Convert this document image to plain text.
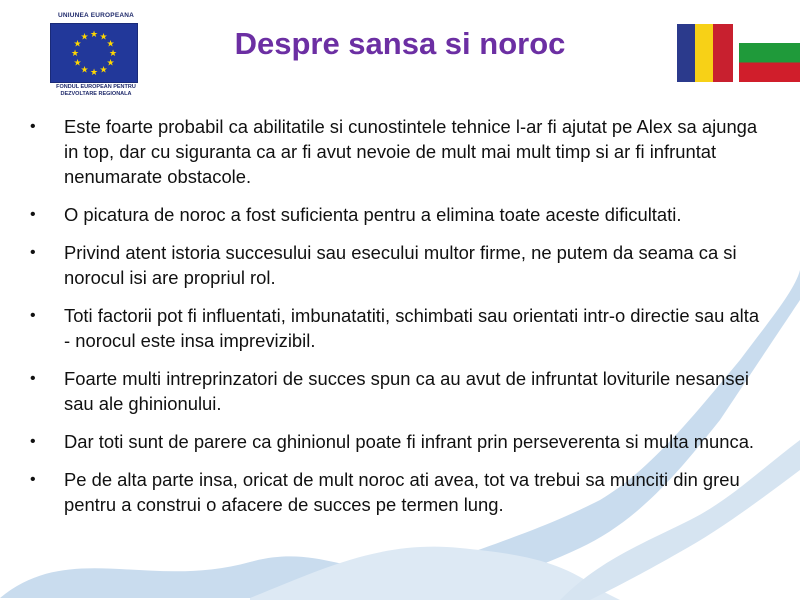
UNIUNEA EUROPEANA
★ ★
★
★
★
★
★
★
★
★
★
★
FONDUL EUROPEAN PENTRU
DEZVOLTARE REGIONALA
Despre sansa si noroc
• Este foarte probabil ca abilitatile si cunostintele tehnice l-ar fi ajutat pe Alex sa ajunga in top, dar cu siguranta ca ar fi avut nevoie de mult mai mult timp si ar fi infruntat nenumarate obstacole.
• O picatura de noroc a fost suficienta pentru a elimina toate aceste dificultati.
• Privind atent istoria succesului sau esecului multor firme, ne putem da seama ca si norocul isi are propriul rol.
• Toti factorii pot fi influentati, imbunatatiti, schimbati sau orientati intr-o directie sau alta - norocul este insa imprevizibil.
• Foarte multi intreprinzatori de succes spun ca au avut de infruntat loviturile nesansei sau ale ghinionului.
• Dar toti sunt de parere ca ghinionul poate fi infrant prin perseverenta si multa munca.
• Pe de alta parte insa, oricat de mult noroc ati avea, tot va trebui sa munciti din greu pentru a construi o afacere de succes pe termen lung.
